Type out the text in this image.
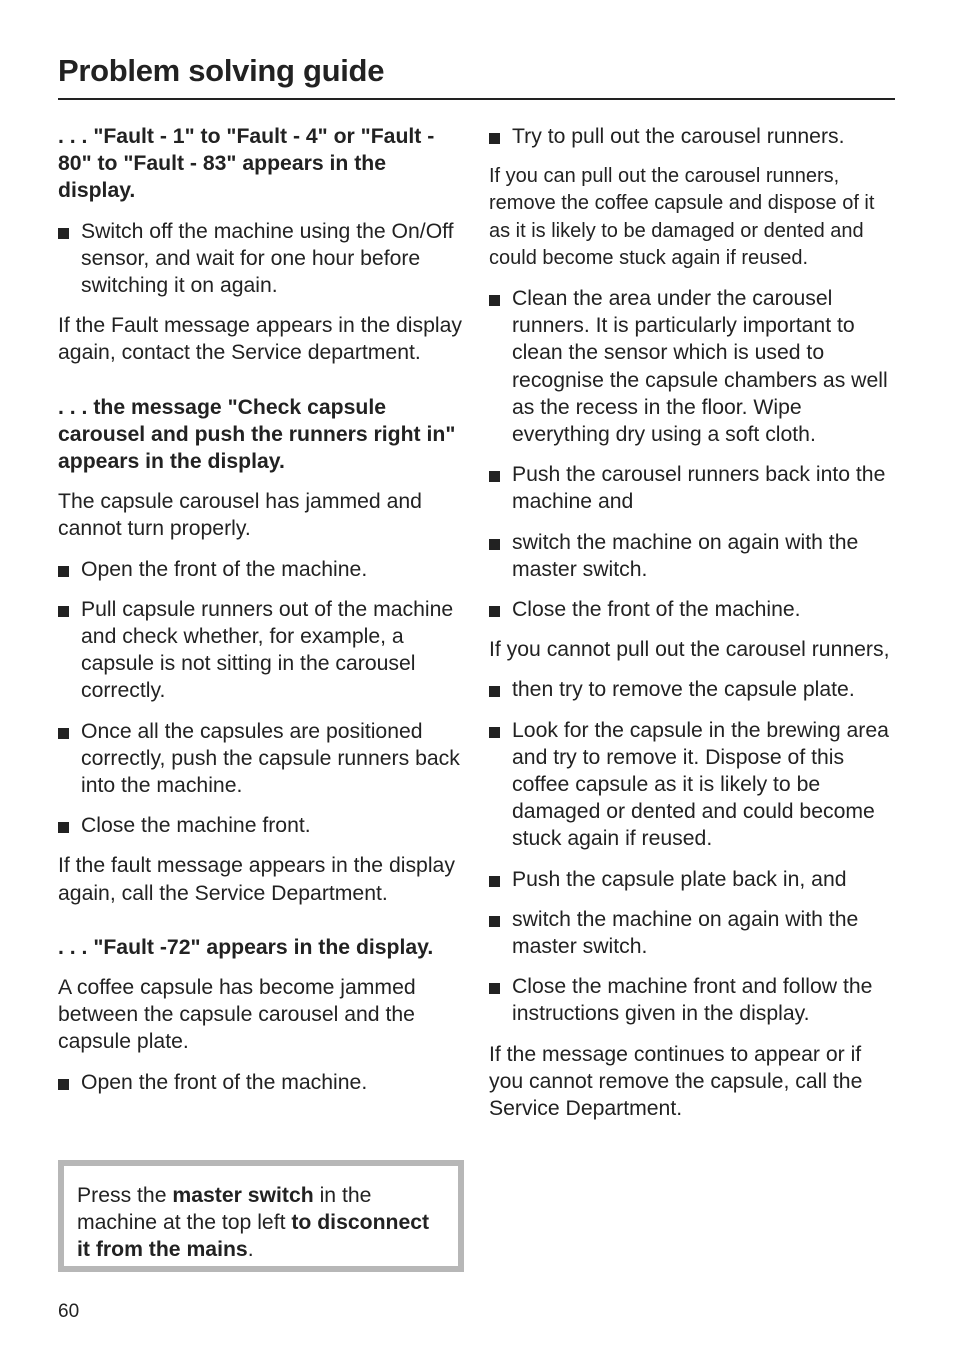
Problem solving guide

. . . "Fault - 1" to "Fault - 4" or "Fault - 80" to "Fault - 83" appears in the display.

Switch off the machine using the On/Off sensor, and wait for one hour before switching it on again.

If the Fault message appears in the display again, contact the Service department.

. . . the message "Check capsule carousel and push the runners right in" appears in the display.

The capsule carousel has jammed and cannot turn properly.

Open the front of the machine.

Pull capsule runners out of the machine and check whether, for example, a capsule is not sitting in the carousel correctly.

Once all the capsules are positioned correctly, push the capsule runners back into the machine.

Close the machine front.

If the fault message appears in the display again, call the Service Department.

. . . "Fault -72" appears in the display.

A coffee capsule has become jammed between the capsule carousel and the capsule plate.

Open the front of the machine.

Press the master switch in the machine at the top left to disconnect it from the mains.

Try to pull out the carousel runners.

If you can pull out the carousel runners, remove the coffee capsule and dispose of it as it is likely to be damaged or dented and could become stuck again if reused.

Clean the area under the carousel runners. It is particularly important to clean the sensor which is used to recognise the capsule chambers as well as the recess in the floor. Wipe everything dry using a soft cloth.

Push the carousel runners back into the machine and

switch the machine on again with the master switch.

Close the front of the machine.

If you cannot pull out the carousel runners,

then try to remove the capsule plate.

Look for the capsule in the brewing area and try to remove it. Dispose of this coffee capsule as it is likely to be damaged or dented and could become stuck again if reused.

Push the capsule plate back in, and

switch the machine on again with the master switch.

Close the machine front and follow the instructions given in the display.

If the message continues to appear or if you cannot remove the capsule, call the Service Department.

60
